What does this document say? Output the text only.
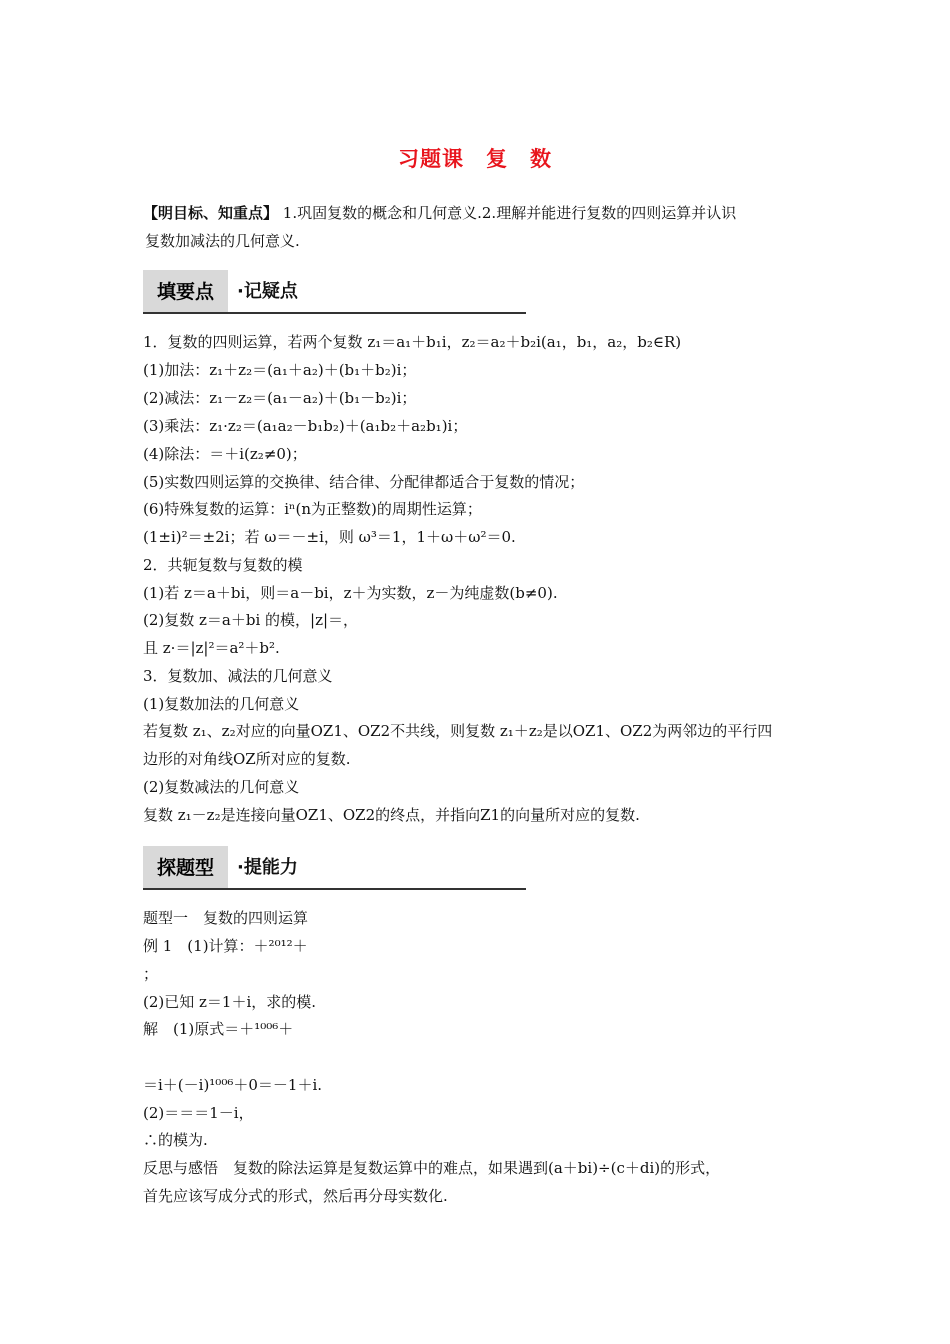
习题课　复　数
【明目标、知重点】 1.巩固复数的概念和几何意义.2.理解并能进行复数的四则运算并认识
复数加减法的几何意义.
填要点	·记疑点
1．复数的四则运算，若两个复数 z₁＝a₁＋b₁i，z₂＝a₂＋b₂i(a₁，b₁，a₂，b₂∈R)
(1)加法：z₁＋z₂＝(a₁＋a₂)＋(b₁＋b₂)i；
(2)减法：z₁－z₂＝(a₁－a₂)＋(b₁－b₂)i；
(3)乘法：z₁·z₂＝(a₁a₂－b₁b₂)＋(a₁b₂＋a₂b₁)i；
(4)除法：＝＋i(z₂≠0)；
(5)实数四则运算的交换律、结合律、分配律都适合于复数的情况；
(6)特殊复数的运算：iⁿ(n为正整数)的周期性运算；
(1±i)²＝±2i；若 ω＝－±i，则 ω³＝1，1＋ω＋ω²＝0.
2．共轭复数与复数的模
(1)若 z＝a＋bi，则＝a－bi，z＋为实数，z－为纯虚数(b≠0).
(2)复数 z＝a＋bi 的模，|z|＝，
且 z·＝|z|²＝a²＋b².
3．复数加、减法的几何意义
(1)复数加法的几何意义
若复数 z₁、z₂对应的向量OZ1、OZ2不共线，则复数 z₁＋z₂是以OZ1、OZ2为两邻边的平行四
边形的对角线OZ所对应的复数.
(2)复数减法的几何意义
复数 z₁－z₂是连接向量OZ1、OZ2的终点，并指向Z1的向量所对应的复数.
探题型	·提能力
题型一　复数的四则运算
例 1　(1)计算：＋²⁰¹²＋
；
(2)已知 z＝1＋i，求的模.
解　(1)原式＝＋¹⁰⁰⁶＋
＝i＋(－i)¹⁰⁰⁶＋0＝－1＋i.
(2)＝＝＝1－i，
∴的模为.
反思与感悟　复数的除法运算是复数运算中的难点，如果遇到(a＋bi)÷(c＋di)的形式，
首先应该写成分式的形式，然后再分母实数化.
